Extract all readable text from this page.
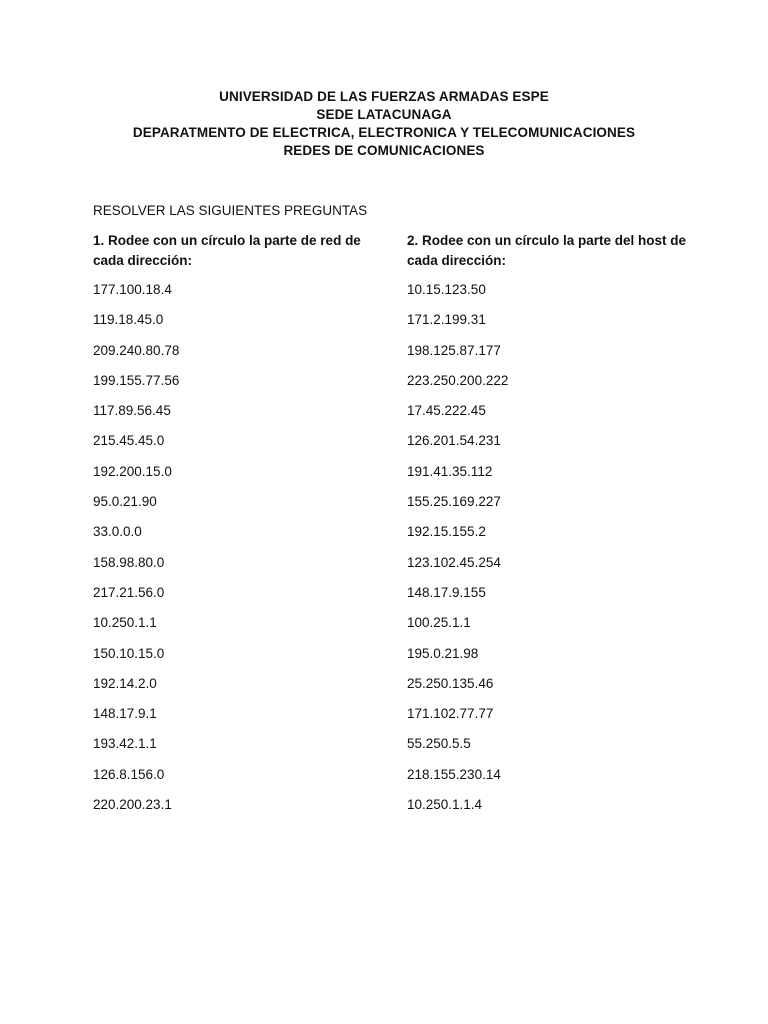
UNIVERSIDAD DE LAS FUERZAS ARMADAS ESPE
SEDE LATACUNAGA
DEPARATMENTO DE ELECTRICA, ELECTRONICA Y TELECOMUNICACIONES
REDES DE COMUNICACIONES
RESOLVER LAS SIGUIENTES PREGUNTAS
1. Rodee con un círculo la parte de red de cada dirección:
177.100.18.4
119.18.45.0
209.240.80.78
199.155.77.56
117.89.56.45
215.45.45.0
192.200.15.0
95.0.21.90
33.0.0.0
158.98.80.0
217.21.56.0
10.250.1.1
150.10.15.0
192.14.2.0
148.17.9.1
193.42.1.1
126.8.156.0
220.200.23.1
2. Rodee con un círculo la parte del host de cada dirección:
10.15.123.50
171.2.199.31
198.125.87.177
223.250.200.222
17.45.222.45
126.201.54.231
191.41.35.112
155.25.169.227
192.15.155.2
123.102.45.254
148.17.9.155
100.25.1.1
195.0.21.98
25.250.135.46
171.102.77.77
55.250.5.5
218.155.230.14
10.250.1.1.4
